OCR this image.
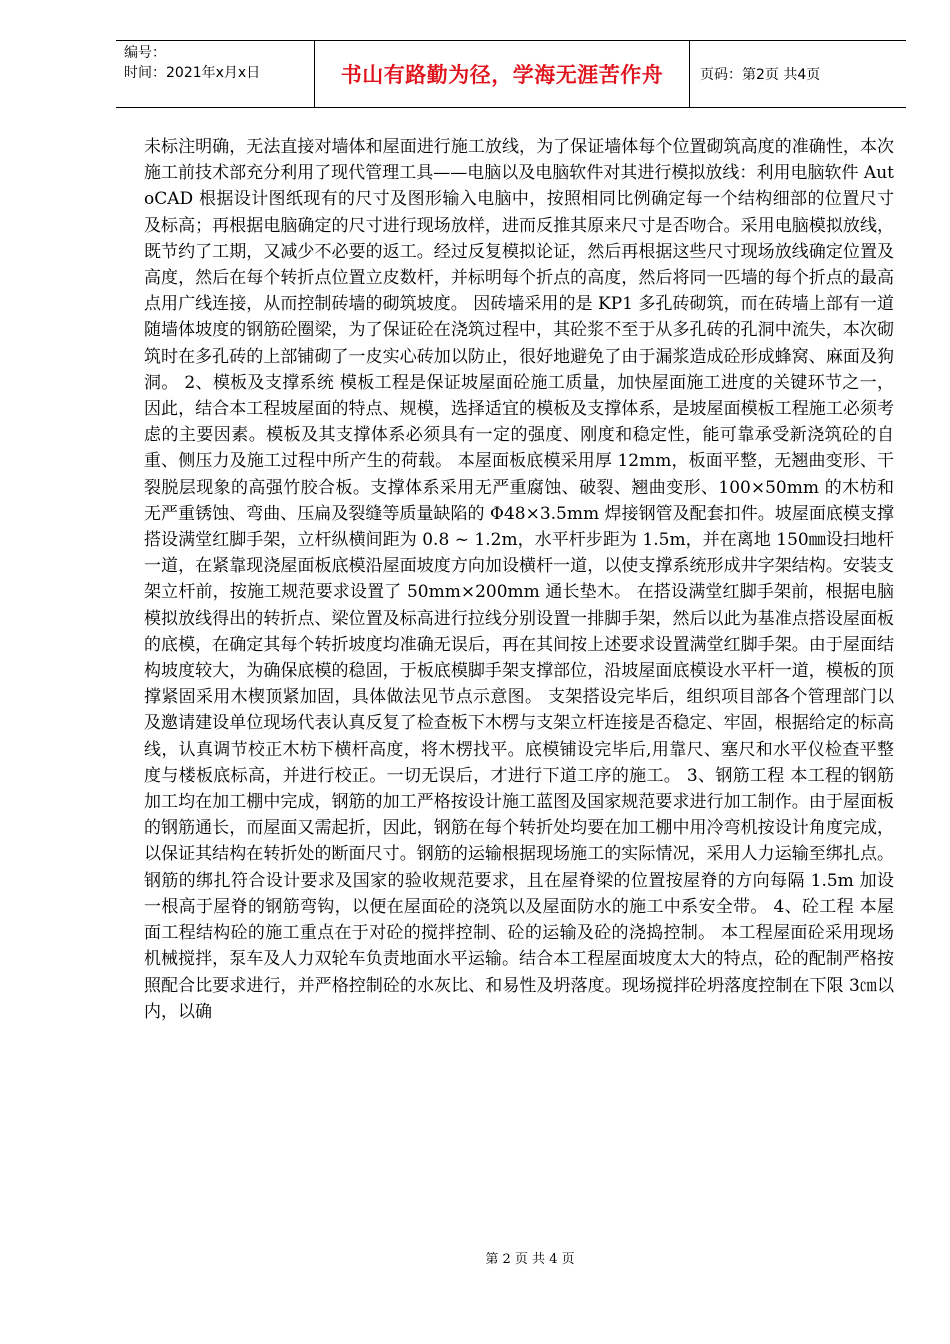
编号：
时间：2021年x月x日	书山有路勤为径，学海无涯苦作舟	页码：第2页 共4页

未标注明确，无法直接对墙体和屋面进行施工放线，为了保证墙体每个位置砌筑高度的准确性，本次施工前技术部充分利用了现代管理工具——电脑以及电脑软件对其进行模拟放线：利用电脑软件 AutoCAD 根据设计图纸现有的尺寸及图形输入电脑中，按照相同比例确定每一个结构细部的位置尺寸及标高；再根据电脑确定的尺寸进行现场放样，进而反推其原来尺寸是否吻合。采用电脑模拟放线，既节约了工期，又减少不必要的返工。经过反复模拟论证，然后再根据这些尺寸现场放线确定位置及高度，然后在每个转折点位置立皮数杆，并标明每个折点的高度，然后将同一匹墙的每个折点的最高点用广线连接，从而控制砖墙的砌筑坡度。 因砖墙采用的是 KP1 多孔砖砌筑，而在砖墙上部有一道随墙体坡度的钢筋砼圈梁，为了保证砼在浇筑过程中，其砼浆不至于从多孔砖的孔洞中流失，本次砌筑时在多孔砖的上部铺砌了一皮实心砖加以防止，很好地避免了由于漏浆造成砼形成蜂窝、麻面及狗洞。 2、模板及支撑系统 模板工程是保证坡屋面砼施工质量，加快屋面施工进度的关键环节之一，因此，结合本工程坡屋面的特点、规模，选择适宜的模板及支撑体系，是坡屋面模板工程施工必须考虑的主要因素。模板及其支撑体系必须具有一定的强度、刚度和稳定性，能可靠承受新浇筑砼的自重、侧压力及施工过程中所产生的荷载。 本屋面板底模采用厚 12mm，板面平整，无翘曲变形、干裂脱层现象的高强竹胶合板。支撑体系采用无严重腐蚀、破裂、翘曲变形、100×50mm 的木枋和无严重锈蚀、弯曲、压扁及裂缝等质量缺陷的 Φ48×3.5mm 焊接钢管及配套扣件。坡屋面底模支撑搭设满堂红脚手架，立杆纵横间距为 0.8 ~ 1.2m，水平杆步距为 1.5m，并在离地 150㎜设扫地杆一道，在紧靠现浇屋面板底模沿屋面坡度方向加设横杆一道，以使支撑系统形成井字架结构。安装支架立杆前，按施工规范要求设置了 50mm×200mm 通长垫木。 在搭设满堂红脚手架前，根据电脑模拟放线得出的转折点、梁位置及标高进行拉线分别设置一排脚手架，然后以此为基准点搭设屋面板的底模，在确定其每个转折坡度均准确无误后，再在其间按上述要求设置满堂红脚手架。由于屋面结构坡度较大，为确保底模的稳固，于板底模脚手架支撑部位，沿坡屋面底模设水平杆一道，模板的顶撑紧固采用木楔顶紧加固，具体做法见节点示意图。 支架搭设完毕后，组织项目部各个管理部门以及邀请建设单位现场代表认真反复了检查板下木楞与支架立杆连接是否稳定、牢固，根据给定的标高线，认真调节校正木枋下横杆高度，将木楞找平。底模铺设完毕后,用靠尺、塞尺和水平仪检查平整度与楼板底标高，并进行校正。一切无误后，才进行下道工序的施工。 3、钢筋工程 本工程的钢筋加工均在加工棚中完成，钢筋的加工严格按设计施工蓝图及国家规范要求进行加工制作。由于屋面板的钢筋通长，而屋面又需起折，因此，钢筋在每个转折处均要在加工棚中用冷弯机按设计角度完成，以保证其结构在转折处的断面尺寸。钢筋的运输根据现场施工的实际情况，采用人力运输至绑扎点。钢筋的绑扎符合设计要求及国家的验收规范要求，且在屋脊梁的位置按屋脊的方向每隔 1.5m 加设一根高于屋脊的钢筋弯钩，以便在屋面砼的浇筑以及屋面防水的施工中系安全带。 4、砼工程 本屋面工程结构砼的施工重点在于对砼的搅拌控制、砼的运输及砼的浇捣控制。 本工程屋面砼采用现场机械搅拌，泵车及人力双轮车负责地面水平运输。结合本工程屋面坡度太大的特点，砼的配制严格按照配合比要求进行，并严格控制砼的水灰比、和易性及坍落度。现场搅拌砼坍落度控制在下限 3㎝以内，以确

第 2 页 共 4 页
